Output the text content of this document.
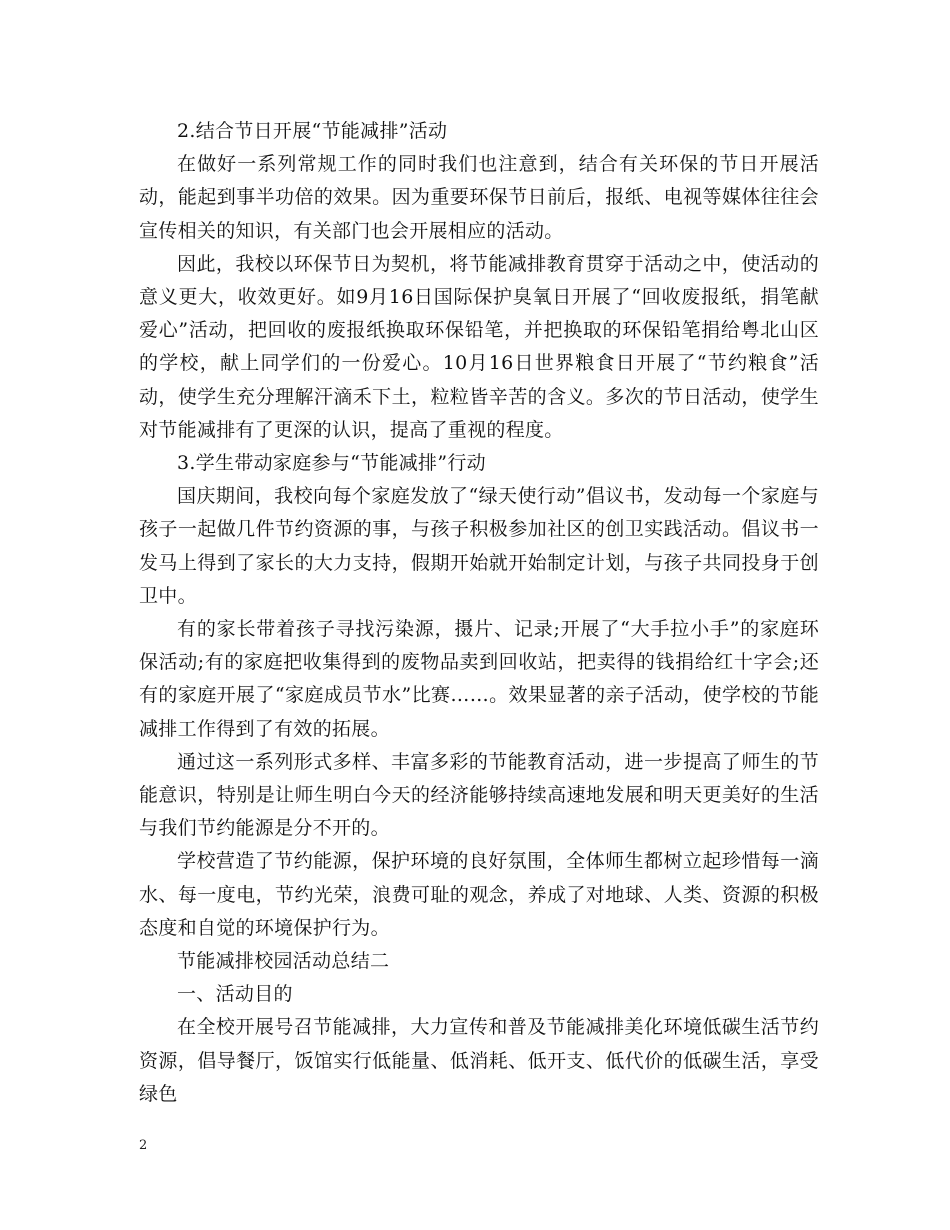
2.结合节日开展“节能减排”活动

在做好一系列常规工作的同时我们也注意到，结合有关环保的节日开展活动，能起到事半功倍的效果。因为重要环保节日前后，报纸、电视等媒体往往会宣传相关的知识，有关部门也会开展相应的活动。

因此，我校以环保节日为契机，将节能减排教育贯穿于活动之中，使活动的意义更大，收效更好。如9月16日国际保护臭氧日开展了“回收废报纸，捐笔献爱心”活动，把回收的废报纸换取环保铅笔，并把换取的环保铅笔捐给粤北山区的学校，献上同学们的一份爱心。10月16日世界粮食日开展了“节约粮食”活动，使学生充分理解汗滴禾下土，粒粒皆辛苦的含义。多次的节日活动，使学生对节能减排有了更深的认识，提高了重视的程度。

3.学生带动家庭参与“节能减排”行动

国庆期间，我校向每个家庭发放了“绿天使行动”倡议书，发动每一个家庭与孩子一起做几件节约资源的事，与孩子积极参加社区的创卫实践活动。倡议书一发马上得到了家长的大力支持，假期开始就开始制定计划，与孩子共同投身于创卫中。

有的家长带着孩子寻找污染源，摄片、记录;开展了“大手拉小手”的家庭环保活动;有的家庭把收集得到的废物品卖到回收站，把卖得的钱捐给红十字会;还有的家庭开展了“家庭成员节水”比赛……。效果显著的亲子活动，使学校的节能减排工作得到了有效的拓展。

通过这一系列形式多样、丰富多彩的节能教育活动，进一步提高了师生的节能意识，特别是让师生明白今天的经济能够持续高速地发展和明天更美好的生活与我们节约能源是分不开的。

学校营造了节约能源，保护环境的良好氛围，全体师生都树立起珍惜每一滴水、每一度电，节约光荣，浪费可耻的观念，养成了对地球、人类、资源的积极态度和自觉的环境保护行为。

节能减排校园活动总结二

一、活动目的

在全校开展号召节能减排，大力宣传和普及节能减排美化环境低碳生活节约资源，倡导餐厅，饭馆实行低能量、低消耗、低开支、低代价的低碳生活，享受绿色

2
